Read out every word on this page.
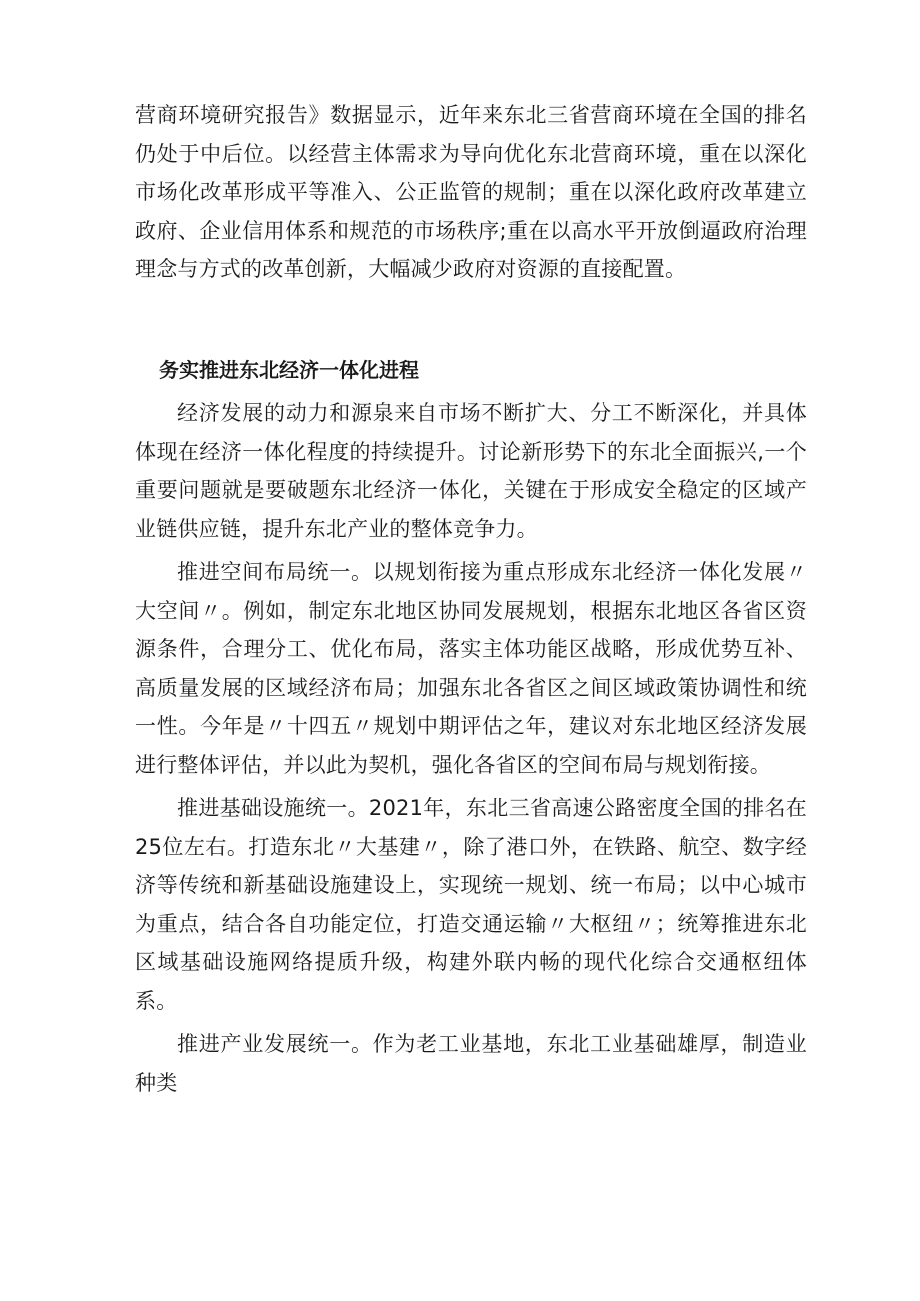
营商环境研究报告》数据显示，近年来东北三省营商环境在全国的排名仍处于中后位。以经营主体需求为导向优化东北营商环境，重在以深化市场化改革形成平等准入、公正监管的规制；重在以深化政府改革建立政府、企业信用体系和规范的市场秩序;重在以高水平开放倒逼政府治理理念与方式的改革创新，大幅减少政府对资源的直接配置。

务实推进东北经济一体化进程

经济发展的动力和源泉来自市场不断扩大、分工不断深化，并具体体现在经济一体化程度的持续提升。讨论新形势下的东北全面振兴,一个重要问题就是要破题东北经济一体化，关键在于形成安全稳定的区域产业链供应链，提升东北产业的整体竞争力。

推进空间布局统一。以规划衔接为重点形成东北经济一体化发展〃大空间〃。例如，制定东北地区协同发展规划，根据东北地区各省区资源条件，合理分工、优化布局，落实主体功能区战略，形成优势互补、高质量发展的区域经济布局；加强东北各省区之间区域政策协调性和统一性。今年是〃十四五〃规划中期评估之年，建议对东北地区经济发展进行整体评估，并以此为契机，强化各省区的空间布局与规划衔接。

推进基础设施统一。2021年，东北三省高速公路密度全国的排名在25位左右。打造东北〃大基建〃，除了港口外，在铁路、航空、数字经济等传统和新基础设施建设上，实现统一规划、统一布局；以中心城市为重点，结合各自功能定位，打造交通运输〃大枢纽〃；统筹推进东北区域基础设施网络提质升级，构建外联内畅的现代化综合交通枢纽体系。

推进产业发展统一。作为老工业基地，东北工业基础雄厚，制造业种类
